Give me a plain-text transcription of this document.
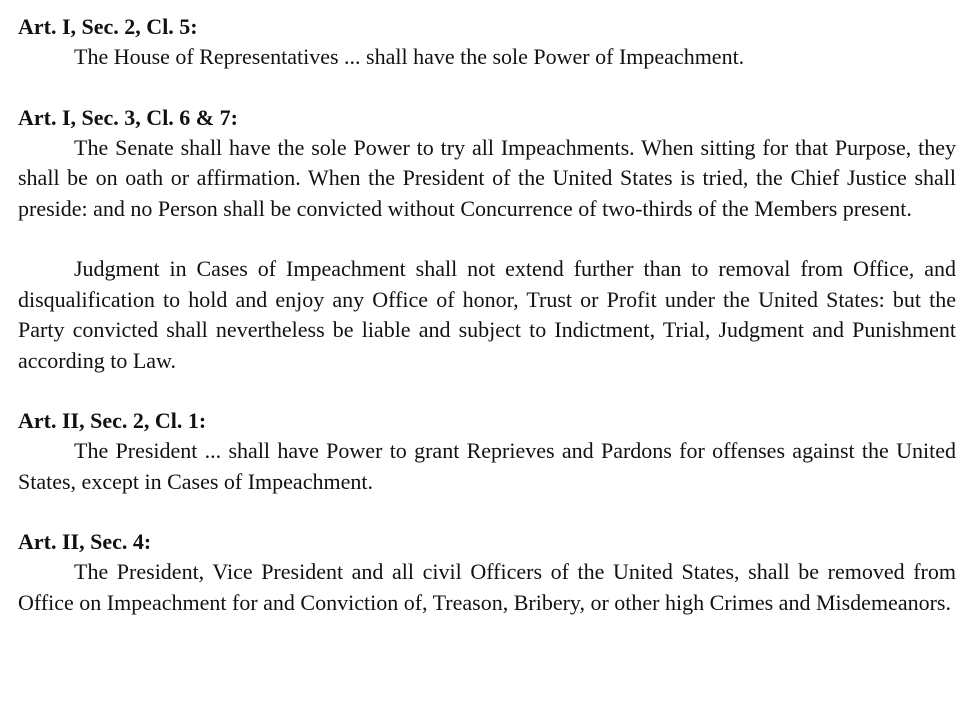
Art. I, Sec. 2, Cl. 5:

The House of Representatives ... shall have the sole Power of Impeachment.

Art. I, Sec. 3, Cl. 6 & 7:

The Senate shall have the sole Power to try all Impeachments. When sitting for that Purpose, they shall be on oath or affirmation. When the President of the United States is tried, the Chief Justice shall preside: and no Person shall be convicted without Concurrence of two-thirds of the Members present.

Judgment in Cases of Impeachment shall not extend further than to removal from Office, and disqualification to hold and enjoy any Office of honor, Trust or Profit under the United States: but the Party convicted shall nevertheless be liable and subject to Indictment, Trial, Judgment and Punishment according to Law.

Art. II, Sec. 2, Cl. 1:

The President ... shall have Power to grant Reprieves and Pardons for offenses against the United States, except in Cases of Impeachment.

Art. II, Sec. 4:

The President, Vice President and all civil Officers of the United States, shall be removed from Office on Impeachment for and Conviction of, Treason, Bribery, or other high Crimes and Misdemeanors.
